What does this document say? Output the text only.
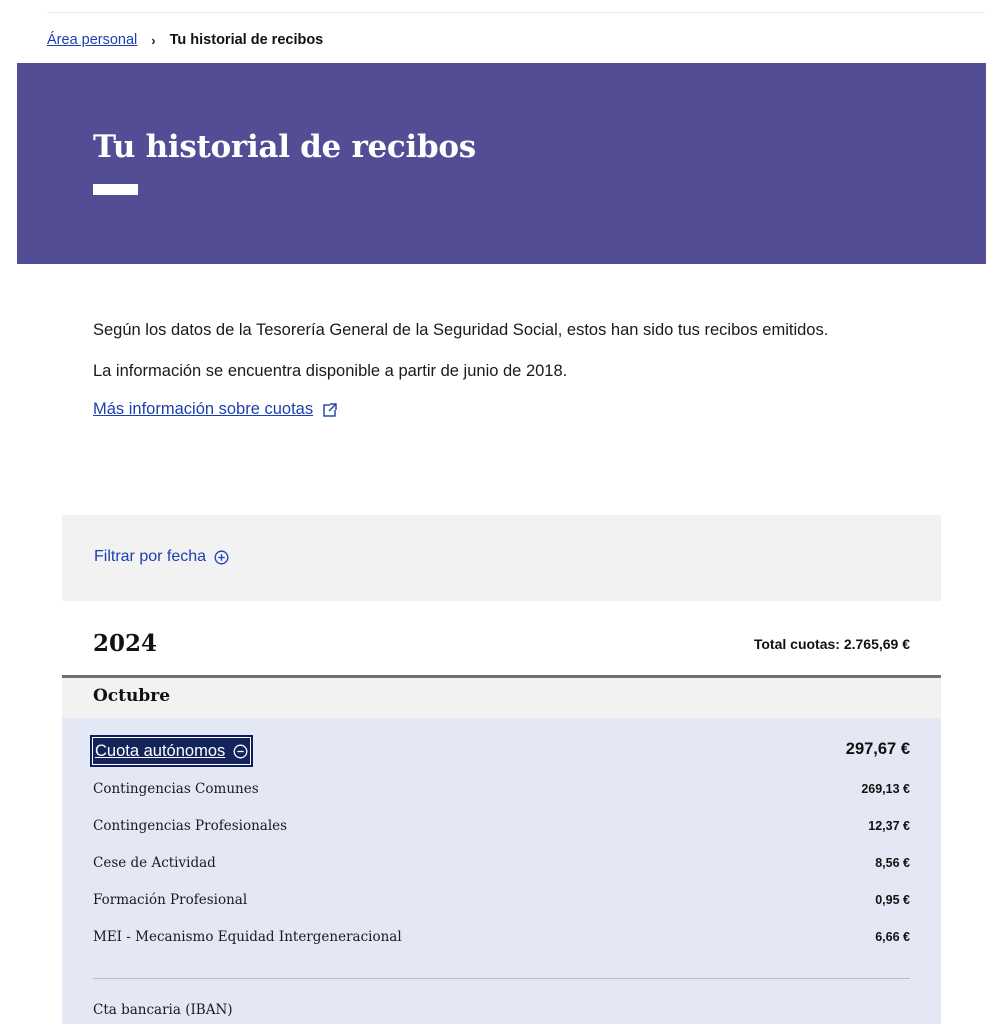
Área personal › Tu historial de recibos
Tu historial de recibos

Según los datos de la Tesorería General de la Seguridad Social, estos han sido tus recibos emitidos.

La información se encuentra disponible a partir de junio de 2018.

Más información sobre cuotas
Filtrar por fecha
2024	Total cuotas: 2.765,69 €
Octubre
Cuota autónomos	297,67 €
Contingencias Comunes	269,13 €
Contingencias Profesionales	12,37 €
Cese de Actividad	8,56 €
Formación Profesional	0,95 €
MEI - Mecanismo Equidad Intergeneracional	6,66 €
Cta bancaria (IBAN)
